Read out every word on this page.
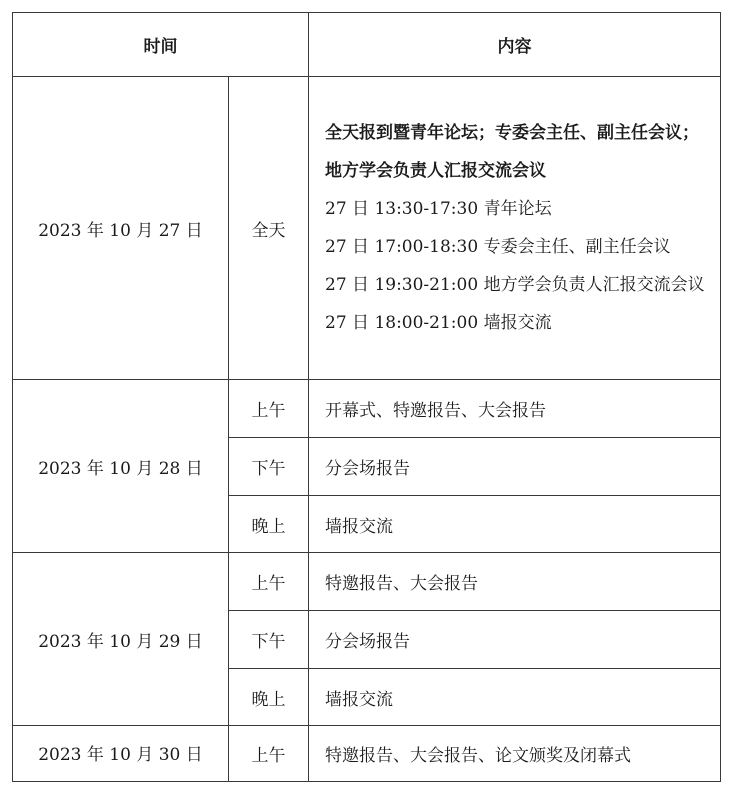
时间		内容
2023 年 10 月 27 日	全天	全天报到暨青年论坛；专委会主任、副主任会议；地方学会负责人汇报交流会议

27 日 13:30-17:30 青年论坛

27 日 17:00-18:30 专委会主任、副主任会议

27 日 19:30-21:00 地方学会负责人汇报交流会议

27 日 18:00-21:00 墙报交流

2023 年 10 月 28 日	上午	开幕式、特邀报告、大会报告
	下午	分会场报告
	晚上	墙报交流
2023 年 10 月 29 日	上午	特邀报告、大会报告
	下午	分会场报告
	晚上	墙报交流
2023 年 10 月 30 日	上午	特邀报告、大会报告、论文颁奖及闭幕式
